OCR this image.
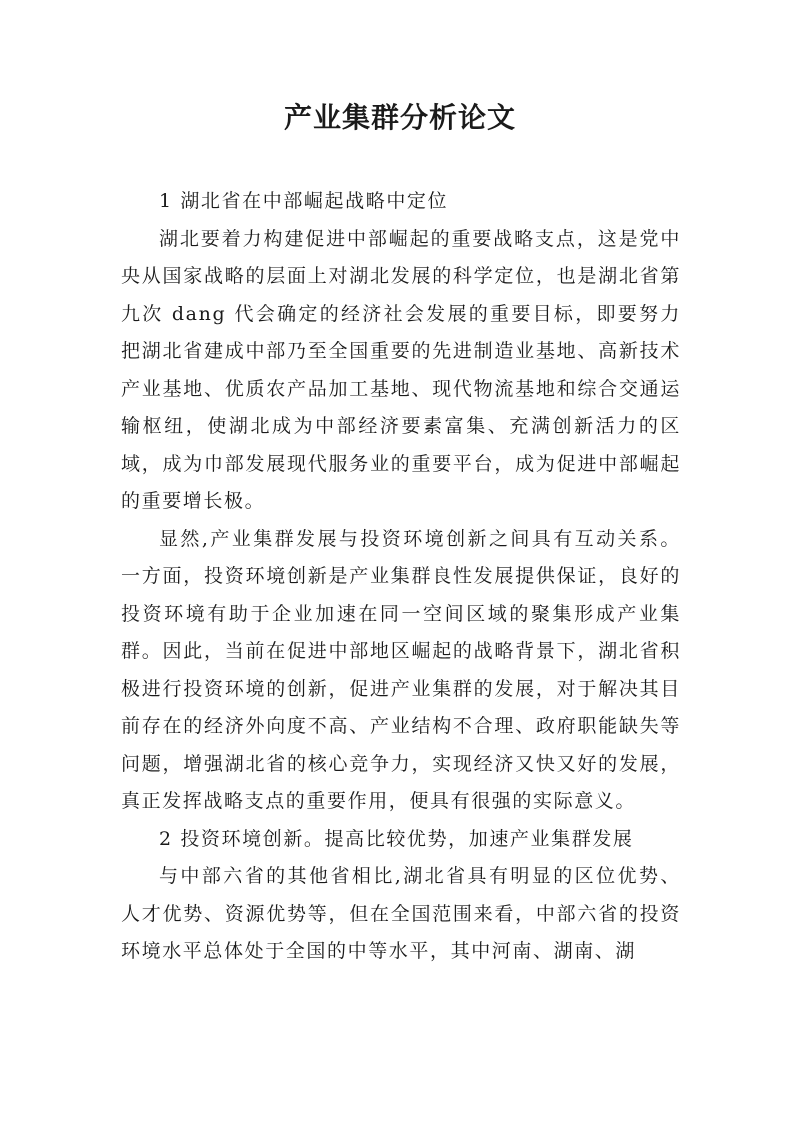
产业集群分析论文

1 湖北省在中部崛起战略中定位

湖北要着力构建促进中部崛起的重要战略支点，这是党中央从国家战略的层面上对湖北发展的科学定位，也是湖北省第九次 dang 代会确定的经济社会发展的重要目标，即要努力把湖北省建成中部乃至全国重要的先进制造业基地、高新技术产业基地、优质农产品加工基地、现代物流基地和综合交通运输枢纽，使湖北成为中部经济要素富集、充满创新活力的区域，成为巾部发展现代服务业的重要平台，成为促进中部崛起的重要增长极。

显然,产业集群发展与投资环境创新之间具有互动关系。一方面，投资环境创新是产业集群良性发展提供保证，良好的投资环境有助于企业加速在同一空间区域的聚集形成产业集群。因此，当前在促进中部地区崛起的战略背景下，湖北省积极进行投资环境的创新，促进产业集群的发展，对于解决其目前存在的经济外向度不高、产业结构不合理、政府职能缺失等问题，增强湖北省的核心竞争力，实现经济又快又好的发展，真正发挥战略支点的重要作用，便具有很强的实际意义。

2 投资环境创新。提高比较优势，加速产业集群发展

与中部六省的其他省相比,湖北省具有明显的区位优势、人才优势、资源优势等，但在全国范围来看，中部六省的投资环境水平总体处于全国的中等水平，其中河南、湖南、湖
